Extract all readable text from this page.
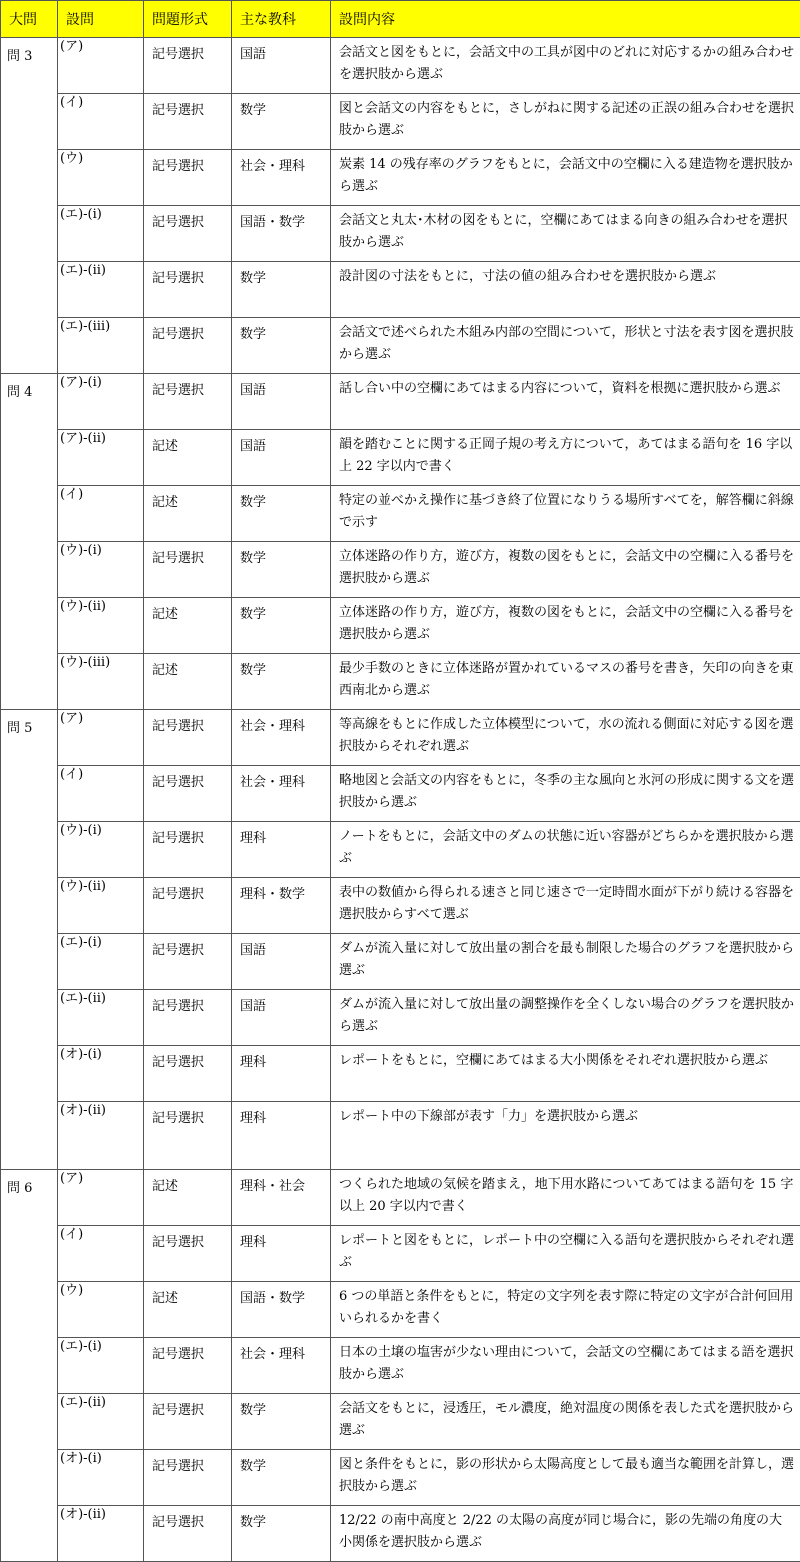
大問	設問	問題形式	主な教科	設問内容
問 3	(ア)	記号選択	国語	会話文と図をもとに，会話文中の工具が図中のどれに対応するかの組み合わせを選択肢から選ぶ

	(イ)	記号選択	数学	図と会話文の内容をもとに，さしがねに関する記述の正誤の組み合わせを選択肢から選ぶ

	(ウ)	記号選択	社会・理科	炭素 14 の残存率のグラフをもとに，会話文中の空欄に入る建造物を選択肢から選ぶ

	(エ)-(ⅰ)	記号選択	国語・数学	会話文と丸太･木材の図をもとに，空欄にあてはまる向きの組み合わせを選択肢から選ぶ

	(エ)-(ⅱ)	記号選択	数学	設計図の寸法をもとに，寸法の値の組み合わせを選択肢から選ぶ

	(エ)-(ⅲ)	記号選択	数学	会話文で述べられた木組み内部の空間について，形状と寸法を表す図を選択肢から選ぶ
問 4	(ア)-(ⅰ)	記号選択	国語	話し合い中の空欄にあてはまる内容について，資料を根拠に選択肢から選ぶ

	(ア)-(ⅱ)	記述	国語	韻を踏むことに関する正岡子規の考え方について，あてはまる語句を 16 字以上 22 字以内で書く

	(イ)	記述	数学	特定の並べかえ操作に基づき終了位置になりうる場所すべてを，解答欄に斜線で示す

	(ウ)-(ⅰ)	記号選択	数学	立体迷路の作り方，遊び方，複数の図をもとに，会話文中の空欄に入る番号を選択肢から選ぶ

	(ウ)-(ⅱ)	記述	数学	立体迷路の作り方，遊び方，複数の図をもとに，会話文中の空欄に入る番号を選択肢から選ぶ

	(ウ)-(ⅲ)	記述	数学	最少手数のときに立体迷路が置かれているマスの番号を書き，矢印の向きを東西南北から選ぶ
問 5	(ア)	記号選択	社会・理科	等高線をもとに作成した立体模型について，水の流れる側面に対応する図を選択肢からそれぞれ選ぶ

	(イ)	記号選択	社会・理科	略地図と会話文の内容をもとに，冬季の主な風向と氷河の形成に関する文を選択肢から選ぶ

	(ウ)-(ⅰ)	記号選択	理科	ノートをもとに，会話文中のダムの状態に近い容器がどちらかを選択肢から選ぶ

	(ウ)-(ⅱ)	記号選択	理科・数学	表中の数値から得られる速さと同じ速さで一定時間水面が下がり続ける容器を選択肢からすべて選ぶ

	(エ)-(ⅰ)	記号選択	国語	ダムが流入量に対して放出量の割合を最も制限した場合のグラフを選択肢から選ぶ

	(エ)-(ⅱ)	記号選択	国語	ダムが流入量に対して放出量の調整操作を全くしない場合のグラフを選択肢から選ぶ

	(オ)-(ⅰ)	記号選択	理科	レポートをもとに，空欄にあてはまる大小関係をそれぞれ選択肢から選ぶ

	(オ)-(ⅱ)	記号選択	理科	レポート中の下線部が表す「力」を選択肢から選ぶ
問 6	(ア)	記述	理科・社会	つくられた地域の気候を踏まえ，地下用水路についてあてはまる語句を 15 字以上 20 字以内で書く

	(イ)	記号選択	理科	レポートと図をもとに，レポート中の空欄に入る語句を選択肢からそれぞれ選ぶ

	(ウ)	記述	国語・数学	6 つの単語と条件をもとに，特定の文字列を表す際に特定の文字が合計何回用いられるかを書く

	(エ)-(ⅰ)	記号選択	社会・理科	日本の土壌の塩害が少ない理由について，会話文の空欄にあてはまる語を選択肢から選ぶ

	(エ)-(ⅱ)	記号選択	数学	会話文をもとに，浸透圧，モル濃度，絶対温度の関係を表した式を選択肢から選ぶ

	(オ)-(ⅰ)	記号選択	数学	図と条件をもとに，影の形状から太陽高度として最も適当な範囲を計算し，選択肢から選ぶ

	(オ)-(ⅱ)	記号選択	数学	12/22 の南中高度と 2/22 の太陽の高度が同じ場合に，影の先端の角度の大小関係を選択肢から選ぶ
